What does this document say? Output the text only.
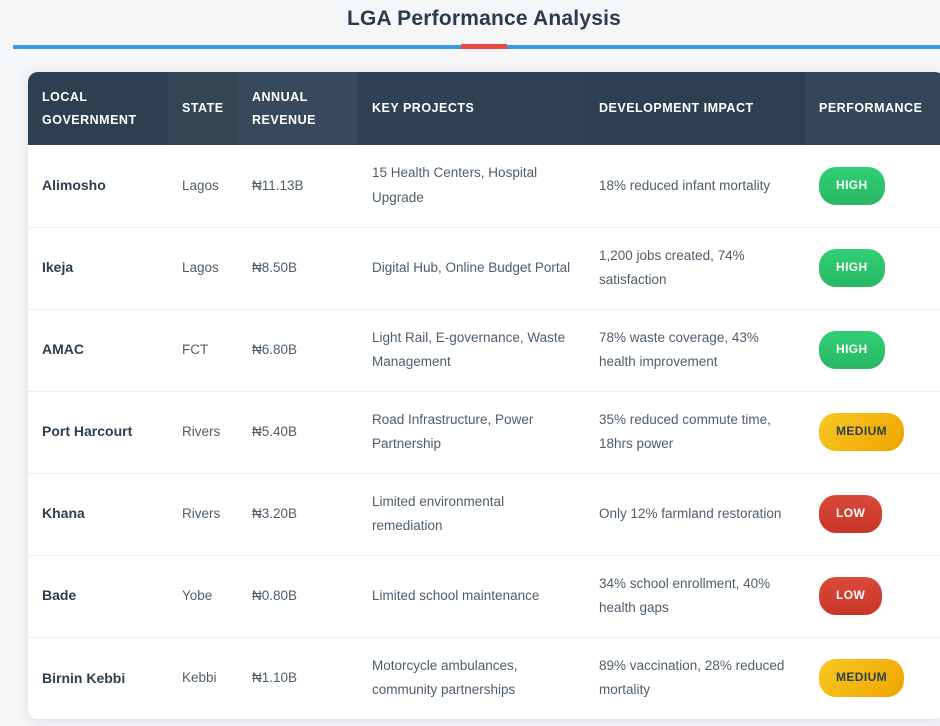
LGA Performance Analysis
LOCAL GOVERNMENT	STATE	ANNUAL REVENUE	KEY PROJECTS	DEVELOPMENT IMPACT	PERFORMANCE
Alimosho	Lagos	₦11.13B	15 Health Centers, Hospital Upgrade	18% reduced infant mortality	HIGH
Ikeja	Lagos	₦8.50B	Digital Hub, Online Budget Portal	1,200 jobs created, 74% satisfaction	HIGH
AMAC	FCT	₦6.80B	Light Rail, E-governance, Waste Management	78% waste coverage, 43% health improvement	HIGH
Port Harcourt	Rivers	₦5.40B	Road Infrastructure, Power Partnership	35% reduced commute time, 18hrs power	MEDIUM
Khana	Rivers	₦3.20B	Limited environmental remediation	Only 12% farmland restoration	LOW
Bade	Yobe	₦0.80B	Limited school maintenance	34% school enrollment, 40% health gaps	LOW
Birnin Kebbi	Kebbi	₦1.10B	Motorcycle ambulances, community partnerships	89% vaccination, 28% reduced mortality	MEDIUM
